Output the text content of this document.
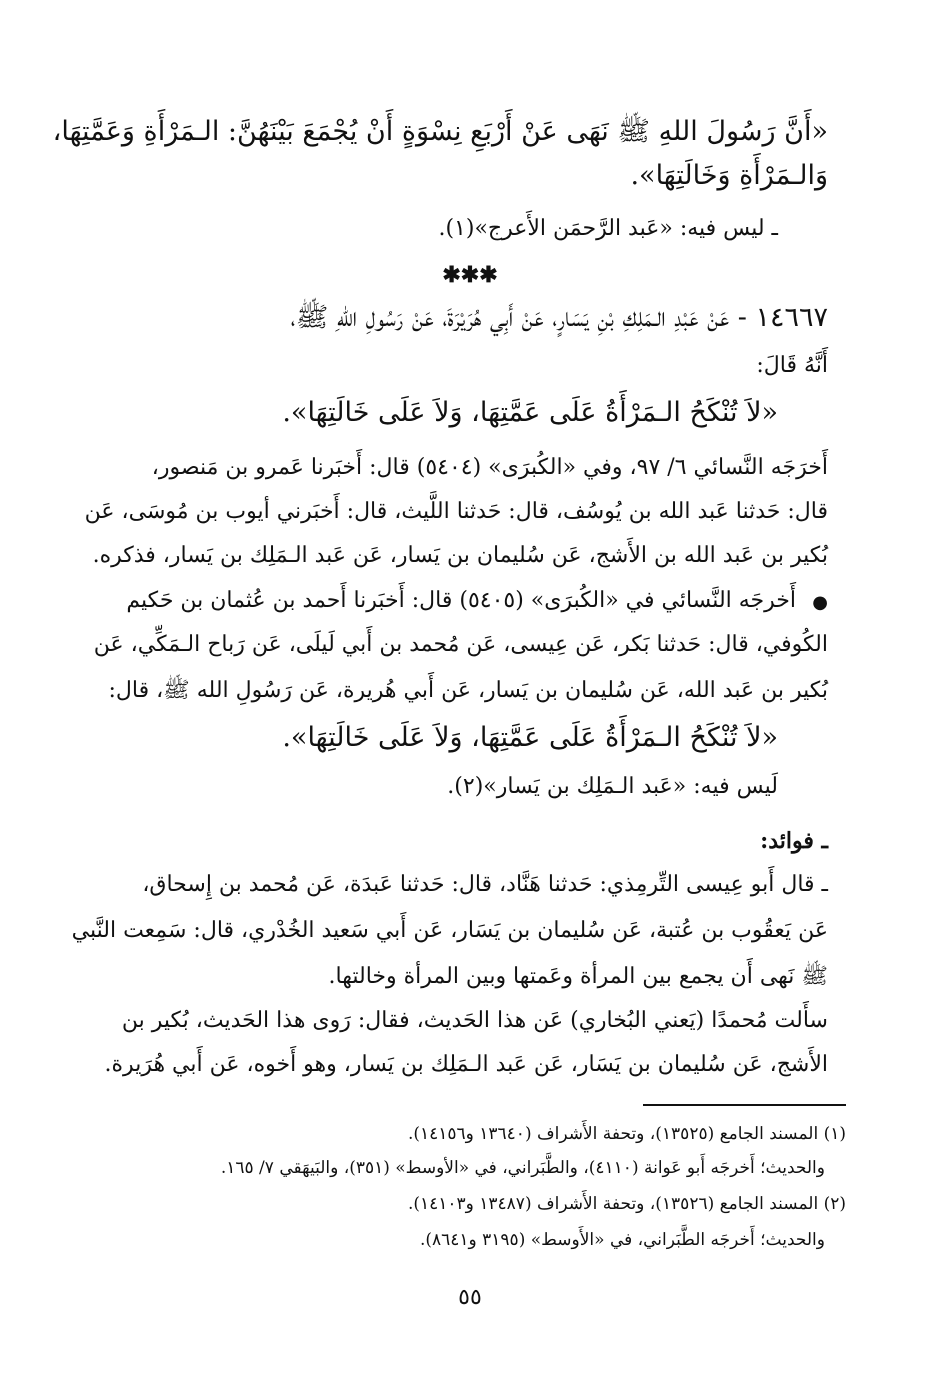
«أَنَّ رَسُولَ اللهِ ﷺ نَهَى عَنْ أَرْبَعِ نِسْوَةٍ أَنْ يُجْمَعَ بَيْنَهُنَّ: الـمَرْأَةِ وَعَمَّتِهَا،
وَالـمَرْأَةِ وَخَالَتِهَا».
ـ ليس فيه: «عَبد الرَّحمَن الأَعرج»(١).
✱✱✱
١٤٦٦٧ - عَنْ عَبْدِ الـمَلِكِ بْنِ يَسَارٍ، عَنْ أَبِي هُرَيْرَةَ، عَنْ رَسُولِ اللهِ ﷺ،
أَنَّهُ قَالَ:
«لاَ تُنْكَحُ الـمَرْأَةُ عَلَى عَمَّتِهَا، وَلاَ عَلَى خَالَتِهَا».
أَخرَجَه النَّسائي ٦/ ٩٧، وفي «الكُبرَى» (٥٤٠٤) قال: أَخبَرنا عَمرو بن مَنصور،
قال: حَدثنا عَبد الله بن يُوسُف، قال: حَدثنا اللَّيث، قال: أَخبَرني أيوب بن مُوسَى، عَن
بُكير بن عَبد الله بن الأَشج، عَن سُليمان بن يَسار، عَن عَبد الـمَلِك بن يَسار، فذكره.
●
أَخرجَه النَّسائي في «الكُبرَى» (٥٤٠٥) قال: أَخبَرنا أَحمد بن عُثمان بن حَكيم
الكُوفي، قال: حَدثنا بَكر، عَن عِيسى، عَن مُحمد بن أَبي لَيلَى، عَن رَباح الـمَكِّي، عَن
بُكير بن عَبد الله، عَن سُليمان بن يَسار، عَن أَبي هُريرة، عَن رَسُولِ الله ﷺ، قال:
«لاَ تُنْكَحُ الـمَرْأَةُ عَلَى عَمَّتِهَا، وَلاَ عَلَى خَالَتِهَا».
لَيس فيه: «عَبد الـمَلِك بن يَسار»(٢).
ـ فوائد:
ـ قال أَبو عِيسى التِّرمِذي: حَدثنا هَنَّاد، قال: حَدثنا عَبدَة، عَن مُحمد بن إِسحاق،
عَن يَعقُوب بن عُتبة، عَن سُليمان بن يَسَار، عَن أَبي سَعيد الخُدْري، قال: سَمِعت النَّبي
ﷺ نَهى أَن يجمع بين المرأة وعَمتها وبين المرأة وخالتها.
سأَلت مُحمدًا (يَعني البُخاري) عَن هذا الحَديث، فقال: رَوى هذا الحَديث، بُكير بن
الأَشج، عَن سُليمان بن يَسَار، عَن عَبد الـمَلِك بن يَسار، وهو أَخوه، عَن أَبي هُرَيرة.
(١) المسند الجامع (١٣٥٢٥)، وتحفة الأَشراف (١٣٦٤٠ و١٤١٥٦).
والحديث؛ أَخرجَه أَبو عَوانة (٤١١٠)، والطَّبَراني، في «الأوسط» (٣٥١)، والبَيهَقي ٧/ ١٦٥.
(٢) المسند الجامع (١٣٥٢٦)، وتحفة الأَشراف (١٣٤٨٧ و١٤١٠٣).
والحديث؛ أَخرجَه الطَّبَراني، في «الأَوسط» (٣١٩٥ و٨٦٤١).
٥٥
